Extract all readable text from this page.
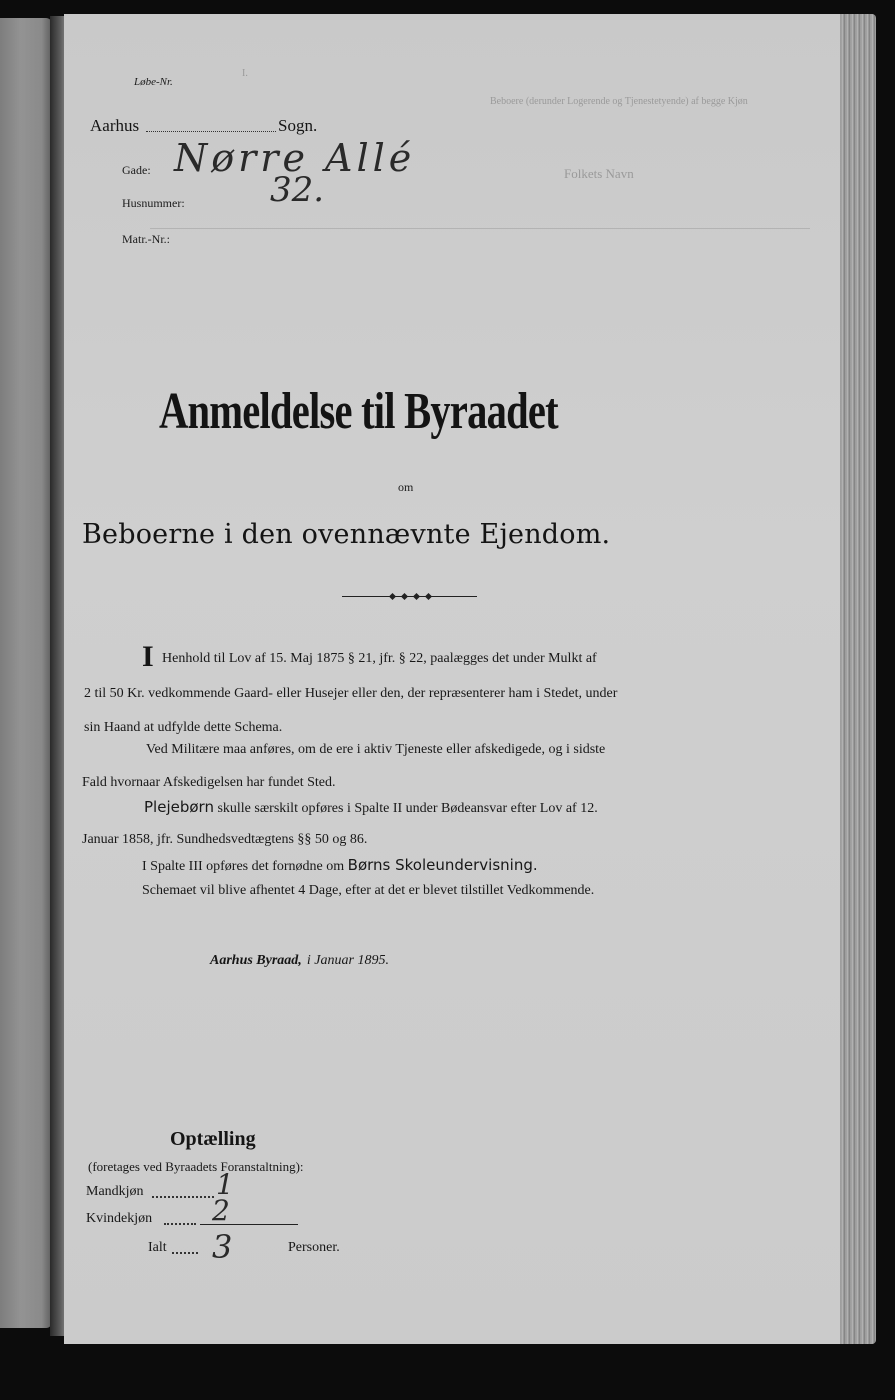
I.
Beboere (derunder Logerende og Tjenestetyende) af begge Kjøn
Folkets Navn
Løbe-Nr.
Aarhus	Sogn.
Gade: Nørre Allé
Husnummer:	32.
Matr.-Nr.:
Anmeldelse til Byraadet
om
Beboerne i den ovennævnte Ejendom.
I Henhold til Lov af 15. Maj 1875 § 21, jfr. § 22, paalægges det under Mulkt af
2 til 50 Kr. vedkommende Gaard- eller Husejer eller den, der repræsenterer ham i Stedet, under
sin Haand at udfylde dette Schema.
Ved Militære maa anføres, om de ere i aktiv Tjeneste eller afskedigede, og i sidste
Fald hvornaar Afskedigelsen har fundet Sted.
Plejebørn skulle særskilt opføres i Spalte II under Bødeansvar efter Lov af 12.
Januar 1858, jfr. Sundhedsvedtægtens §§ 50 og 86.
I Spalte III opføres det fornødne om Børns Skoleundervisning.
Schemaet vil blive afhentet 4 Dage, efter at det er blevet tilstillet Vedkommende.
Aarhus Byraad, i Januar 1895.
Optælling
(foretages ved Byraadets Foranstaltning):
Mandkjøn	1
Kvindekjøn 2
Ialt 3	Personer.
